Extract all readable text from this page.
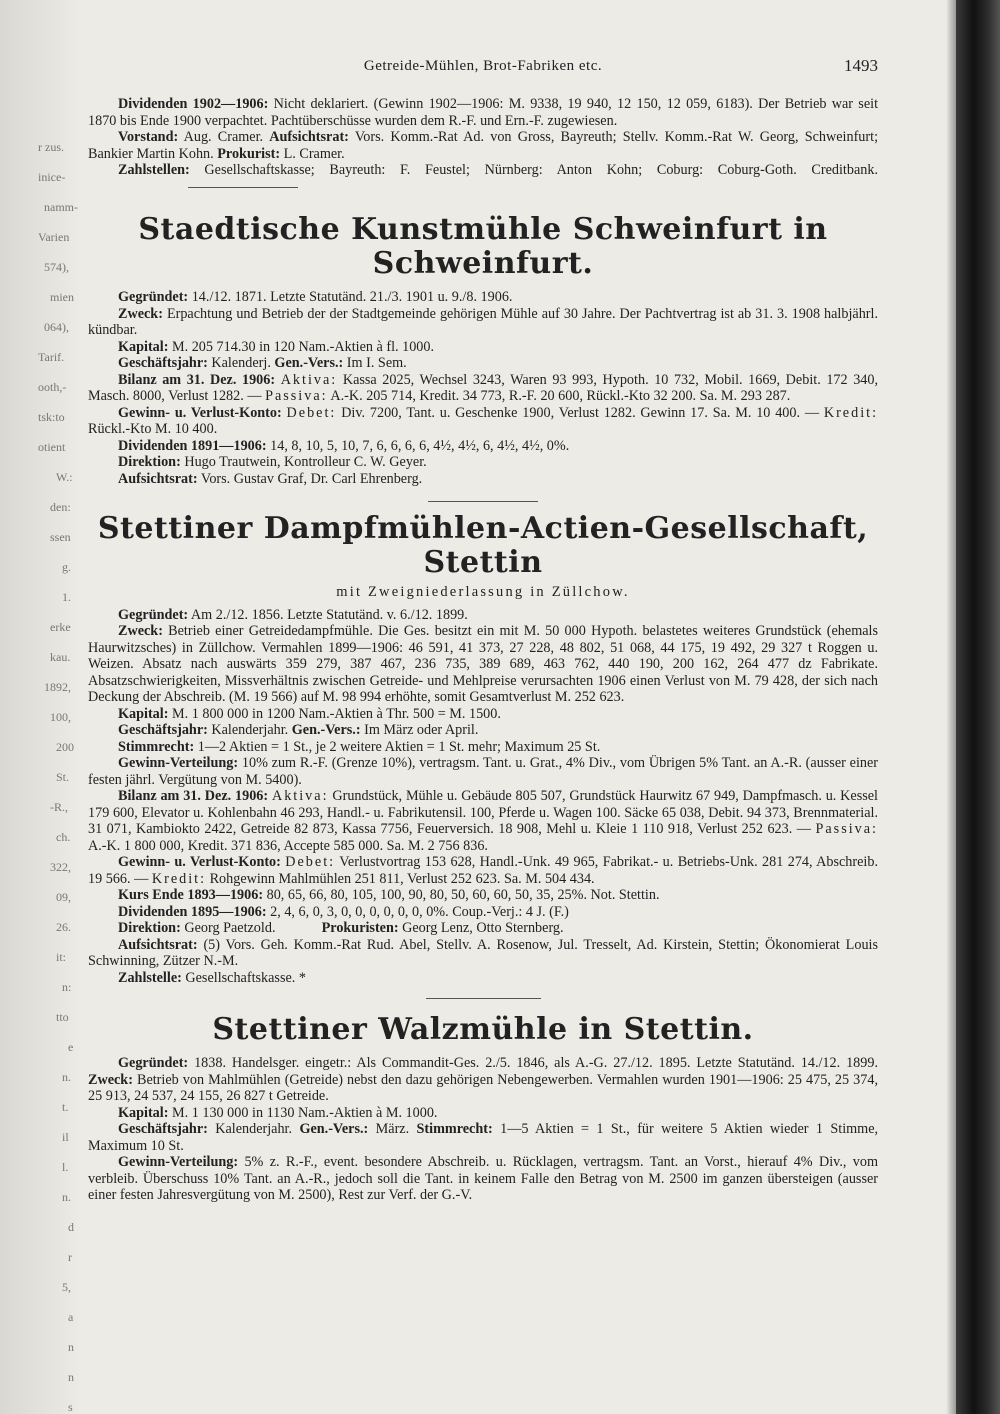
r zus.
inice-
namm-
Varien
574),
mien
064),
Tarif.
ooth,-
tsk:to
otient
W.:
den:
ssen
g.
1.
erke
kau.
1892,
100,
200
St.
-R.,
ch.
322,
09,
26.
it:
n:
tto
e
n.
t.
il
l.
n.
d
r
5,
a
n
n
s
Getreide-Mühlen, Brot-Fabriken etc.	1493

Dividenden 1902—1906: Nicht deklariert. (Gewinn 1902—1906: M. 9338, 19 940, 12 150, 12 059, 6183). Der Betrieb war seit 1870 bis Ende 1900 verpachtet. Pachtüberschüsse wurden dem R.-F. und Ern.-F. zugewiesen.

Vorstand: Aug. Cramer. Aufsichtsrat: Vors. Komm.-Rat Ad. von Gross, Bayreuth; Stellv. Komm.-Rat W. Georg, Schweinfurt; Bankier Martin Kohn. Prokurist: L. Cramer.

Zahlstellen: Gesellschaftskasse; Bayreuth: F. Feustel; Nürnberg: Anton Kohn; Coburg: Coburg-Goth. Creditbank.

Staedtische Kunstmühle Schweinfurt in Schweinfurt.

Gegründet: 14./12. 1871. Letzte Statutänd. 21./3. 1901 u. 9./8. 1906.

Zweck: Erpachtung und Betrieb der der Stadtgemeinde gehörigen Mühle auf 30 Jahre. Der Pachtvertrag ist ab 31. 3. 1908 halbjährl. kündbar.

Kapital: M. 205 714.30 in 120 Nam.-Aktien à fl. 1000.

Geschäftsjahr: Kalenderj. Gen.-Vers.: Im I. Sem.

Bilanz am 31. Dez. 1906: Aktiva: Kassa 2025, Wechsel 3243, Waren 93 993, Hypoth. 10 732, Mobil. 1669, Debit. 172 340, Masch. 8000, Verlust 1282. — Passiva: A.-K. 205 714, Kredit. 34 773, R.-F. 20 600, Rückl.-Kto 32 200. Sa. M. 293 287.

Gewinn- u. Verlust-Konto: Debet: Div. 7200, Tant. u. Geschenke 1900, Verlust 1282. Gewinn 17. Sa. M. 10 400. — Kredit: Rückl.-Kto M. 10 400.

Dividenden 1891—1906: 14, 8, 10, 5, 10, 7, 6, 6, 6, 6, 4½, 4½, 6, 4½, 4½, 0%.

Direktion: Hugo Trautwein, Kontrolleur C. W. Geyer.

Aufsichtsrat: Vors. Gustav Graf, Dr. Carl Ehrenberg.

Stettiner Dampfmühlen-Actien-Gesellschaft, Stettin
mit Zweigniederlassung in Züllchow.

Gegründet: Am 2./12. 1856. Letzte Statutänd. v. 6./12. 1899.

Zweck: Betrieb einer Getreidedampfmühle. Die Ges. besitzt ein mit M. 50 000 Hypoth. belastetes weiteres Grundstück (ehemals Haurwitzsches) in Züllchow. Vermahlen 1899—1906: 46 591, 41 373, 27 228, 48 802, 51 068, 44 175, 19 492, 29 327 t Roggen u. Weizen. Absatz nach auswärts 359 279, 387 467, 236 735, 389 689, 463 762, 440 190, 200 162, 264 477 dz Fabrikate. Absatzschwierigkeiten, Missverhältnis zwischen Getreide- und Mehlpreise verursachten 1906 einen Verlust von M. 79 428, der sich nach Deckung der Abschreib. (M. 19 566) auf M. 98 994 erhöhte, somit Gesamtverlust M. 252 623.

Kapital: M. 1 800 000 in 1200 Nam.-Aktien à Thr. 500 = M. 1500.

Geschäftsjahr: Kalenderjahr. Gen.-Vers.: Im März oder April.

Stimmrecht: 1—2 Aktien = 1 St., je 2 weitere Aktien = 1 St. mehr; Maximum 25 St.

Gewinn-Verteilung: 10% zum R.-F. (Grenze 10%), vertragsm. Tant. u. Grat., 4% Div., vom Übrigen 5% Tant. an A.-R. (ausser einer festen jährl. Vergütung von M. 5400).

Bilanz am 31. Dez. 1906: Aktiva: Grundstück, Mühle u. Gebäude 805 507, Grundstück Haurwitz 67 949, Dampfmasch. u. Kessel 179 600, Elevator u. Kohlenbahn 46 293, Handl.- u. Fabrikutensil. 100, Pferde u. Wagen 100. Säcke 65 038, Debit. 94 373, Brennmaterial. 31 071, Kambiokto 2422, Getreide 82 873, Kassa 7756, Feuerversich. 18 908, Mehl u. Kleie 1 110 918, Verlust 252 623. — Passiva: A.-K. 1 800 000, Kredit. 371 836, Accepte 585 000. Sa. M. 2 756 836.

Gewinn- u. Verlust-Konto: Debet: Verlustvortrag 153 628, Handl.-Unk. 49 965, Fabrikat.- u. Betriebs-Unk. 281 274, Abschreib. 19 566. — Kredit: Rohgewinn Mahlmühlen 251 811, Verlust 252 623. Sa. M. 504 434.

Kurs Ende 1893—1906: 80, 65, 66, 80, 105, 100, 90, 80, 50, 60, 60, 50, 35, 25%. Not. Stettin.

Dividenden 1895—1906: 2, 4, 6, 0, 3, 0, 0, 0, 0, 0, 0, 0%. Coup.-Verj.: 4 J. (F.)

Direktion: Georg Paetzold.	Prokuristen: Georg Lenz, Otto Sternberg.

Aufsichtsrat: (5) Vors. Geh. Komm.-Rat Rud. Abel, Stellv. A. Rosenow, Jul. Tresselt, Ad. Kirstein, Stettin; Ökonomierat Louis Schwinning, Zützer N.-M.

Zahlstelle: Gesellschaftskasse. *

Stettiner Walzmühle in Stettin.

Gegründet: 1838. Handelsger. eingetr.: Als Commandit-Ges. 2./5. 1846, als A.-G. 27./12. 1895. Letzte Statutänd. 14./12. 1899. Zweck: Betrieb von Mahlmühlen (Getreide) nebst den dazu gehörigen Nebengewerben. Vermahlen wurden 1901—1906: 25 475, 25 374, 25 913, 24 537, 24 155, 26 827 t Getreide.

Kapital: M. 1 130 000 in 1130 Nam.-Aktien à M. 1000.

Geschäftsjahr: Kalenderjahr. Gen.-Vers.: März. Stimmrecht: 1—5 Aktien = 1 St., für weitere 5 Aktien wieder 1 Stimme, Maximum 10 St.

Gewinn-Verteilung: 5% z. R.-F., event. besondere Abschreib. u. Rücklagen, vertragsm. Tant. an Vorst., hierauf 4% Div., vom verbleib. Überschuss 10% Tant. an A.-R., jedoch soll die Tant. in keinem Falle den Betrag von M. 2500 im ganzen übersteigen (ausser einer festen Jahresvergütung von M. 2500), Rest zur Verf. der G.-V.
